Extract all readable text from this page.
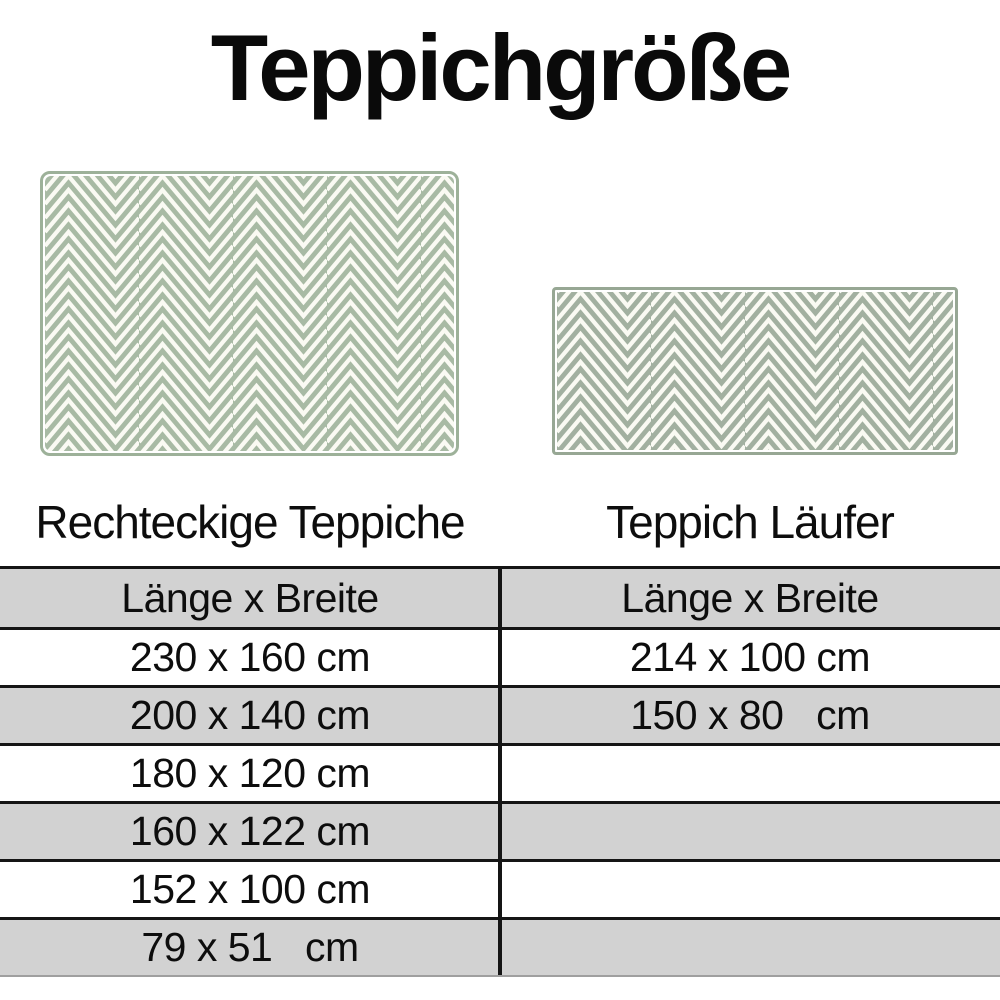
Teppichgröße
Rechteckige Teppiche	Teppich Läufer
Länge x Breite	Länge x Breite
230 x 160 cm	214 x 100 cm
200 x 140 cm	150 x 80   cm
180 x 120 cm
160 x 122 cm
152 x 100 cm
79 x 51   cm
